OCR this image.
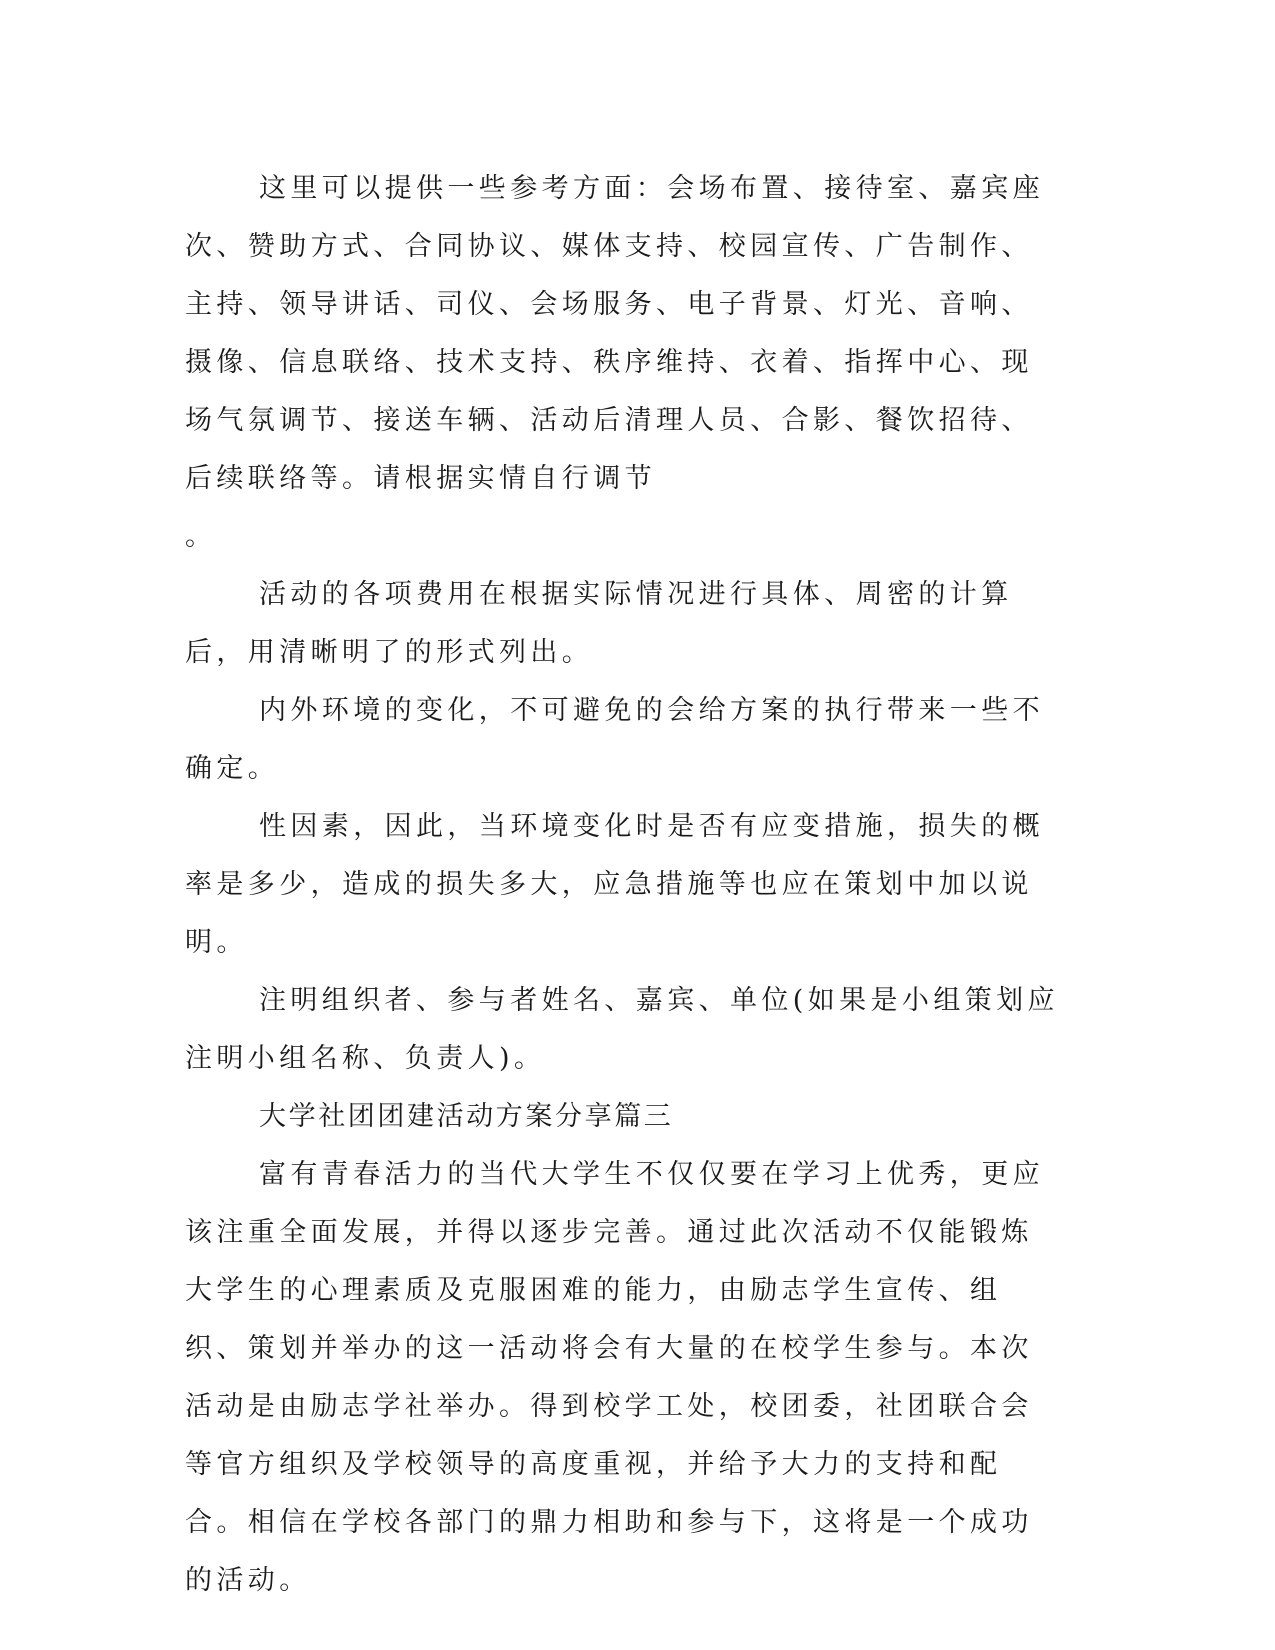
这里可以提供一些参考方面：会场布置、接待室、嘉宾座次、赞助方式、合同协议、媒体支持、校园宣传、广告制作、主持、领导讲话、司仪、会场服务、电子背景、灯光、音响、摄像、信息联络、技术支持、秩序维持、衣着、指挥中心、现场气氛调节、接送车辆、活动后清理人员、合影、餐饮招待、后续联络等。请根据实情自行调节

。

活动的各项费用在根据实际情况进行具体、周密的计算后，用清晰明了的形式列出。

内外环境的变化，不可避免的会给方案的执行带来一些不确定。

性因素，因此，当环境变化时是否有应变措施，损失的概率是多少，造成的损失多大，应急措施等也应在策划中加以说明。

注明组织者、参与者姓名、嘉宾、单位(如果是小组策划应注明小组名称、负责人)。

大学社团团建活动方案分享篇三

富有青春活力的当代大学生不仅仅要在学习上优秀，更应该注重全面发展，并得以逐步完善。通过此次活动不仅能锻炼大学生的心理素质及克服困难的能力，由励志学生宣传、组织、策划并举办的这一活动将会有大量的在校学生参与。本次活动是由励志学社举办。得到校学工处，校团委，社团联合会等官方组织及学校领导的高度重视，并给予大力的支持和配合。相信在学校各部门的鼎力相助和参与下，这将是一个成功的活动。
